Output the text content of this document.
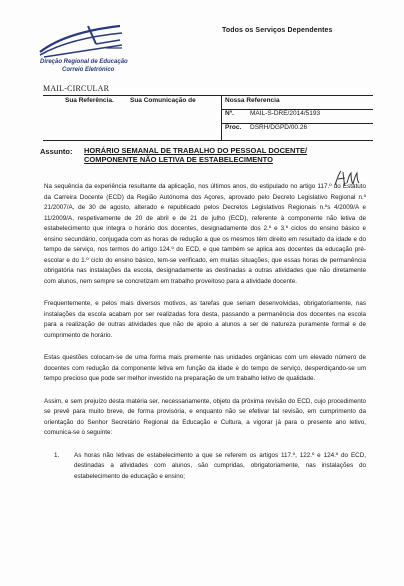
Todos os Serviços Dependentes
Direção Regional de Educação
Correio Eletrónico
MAIL-CIRCULAR
Sua Referência. Sua Comunicação de	Nossa Referencia
Nº. MAIL-S-DRE/2014/5193
Proc. DSRH/DGPD/00.26
Assunto: HORÁRIO SEMANAL DE TRABALHO DO PESSOAL DOCENTE/ COMPONENTE NÃO LETIVA DE ESTABELECIMENTO

Na sequência da experiência resultante da aplicação, nos últimos anos, do estipulado no artigo 117.º do Estatuto da Carreira Docente (ECD) da Região Autónoma dos Açores, aprovado pelo Decreto Legislativo Regional n.º 21/2007/A, de 30 de agosto, alterado e republicado pelos Decretos Legislativos Regionais n.ºs 4/2009/A e 11/2009/A, respetivamente de 20 de abril e de 21 de julho (ECD), referente à componente não letiva de estabelecimento que integra o horário dos docentes, designadamente dos 2.º e 3.º ciclos do ensino básico e ensino secundário, conjugada com as horas de redução a que os mesmos têm direito em resultado da idade e do tempo de serviço, nos termos do artigo 124.º do ECD, e que também se aplica aos docentes da educação pré-escolar e do 1.º ciclo do ensino básico, tem-se verificado, em muitas situações, que essas horas de permanência obrigatória nas instalações da escola, designadamente as destinadas a outras atividades que não diretamente com alunos, nem sempre se concretizam em trabalho proveitoso para a atividade docente.

Frequentemente, e pelos mais diversos motivos, as tarefas que seriam desenvolvidas, obrigatoriamente, nas instalações da escola acabam por ser realizadas fora desta, passando a permanência dos docentes na escola para a realização de outras atividades que não de apoio a alunos a ser de natureza puramente formal e de cumprimento de horário.

Estas questões colocam-se de uma forma mais premente nas unidades orgânicas com um elevado número de docentes com redução da componente letiva em função da idade e do tempo de serviço, desperdiçando-se um tempo precioso que pode ser melhor investido na preparação de um trabalho letivo de qualidade.

Assim, e sem prejuízo desta matéria ser, necessariamente, objeto da próxima revisão do ECD, cujo procedimento se prevê para muito breve, de forma provisória, e enquanto não se efetivar tal revisão, em cumprimento da orientação do Senhor Secretário Regional da Educação e Cultura, a vigorar já para o presente ano letivo, comunica-se o seguinte:

1. As horas não letivas de estabelecimento a que se referem os artigos 117.º, 122.º e 124.º do ECD, destinadas a atividades com alunos, são cumpridas, obrigatoriamente, nas instalações do estabelecimento de educação e ensino;
